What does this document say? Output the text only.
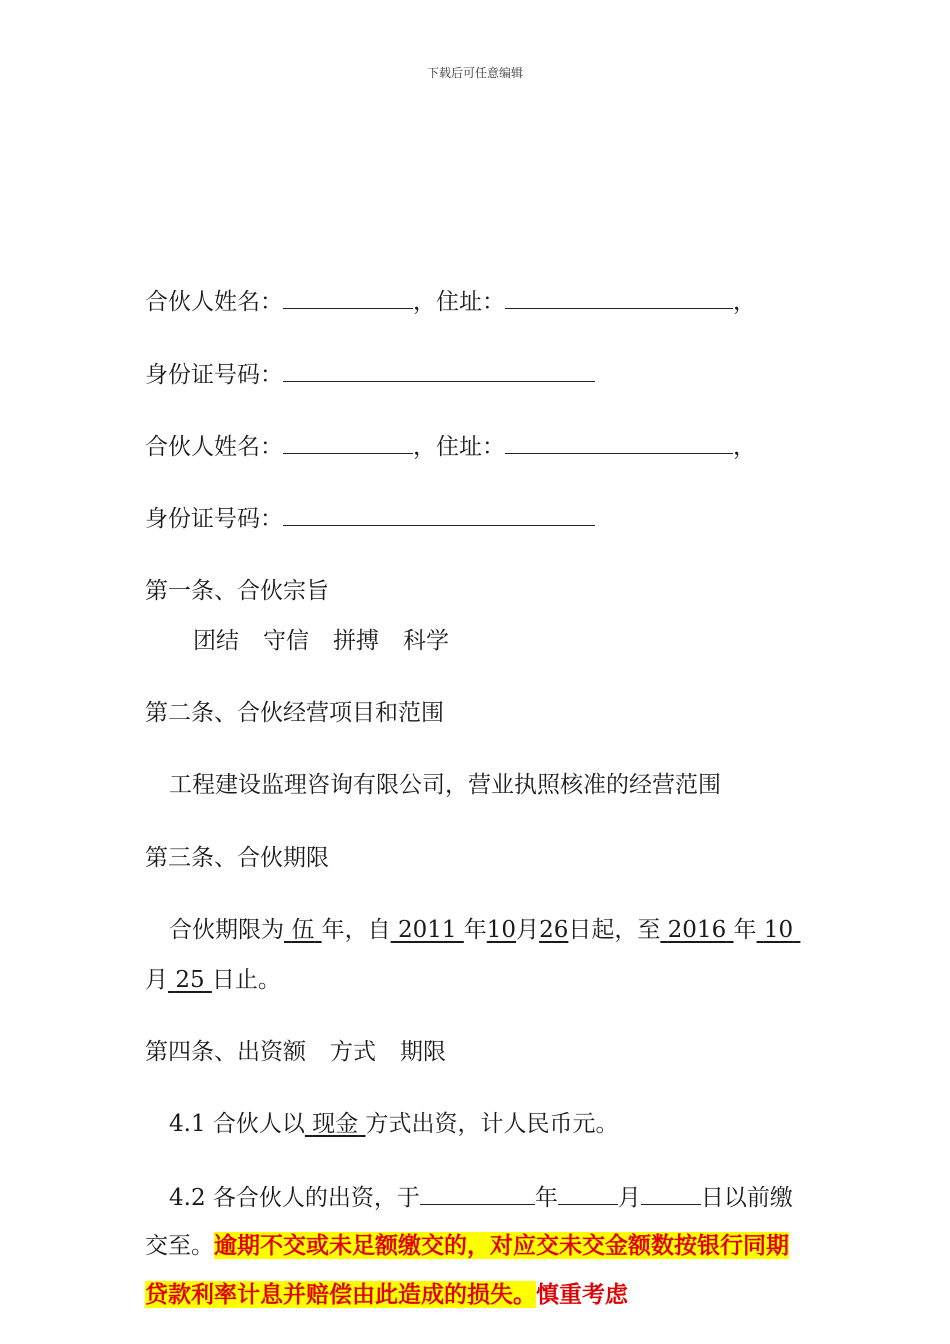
下载后可任意编辑
合伙人姓名：	，住址：	，
身份证号码：
合伙人姓名：	，住址：	，
身份证号码：
第一条、合伙宗旨
团结 守信 拼搏 科学
第二条、合伙经营项目和范围
工程建设监理咨询有限公司，营业执照核准的经营范围
第三条、合伙期限
合伙期限为 伍 年，自 2011 年10月26日起，至 2016 年 10
月 25 日止。
第四条、出资额 方式 期限
4.1 合伙人以 现金 方式出资，计人民币元。
4.2 各合伙人的出资，于	年	月	日以前缴
交至。逾期不交或未足额缴交的，对应交未交金额数按银行同期
贷款利率计息并赔偿由此造成的损失。慎重考虑
